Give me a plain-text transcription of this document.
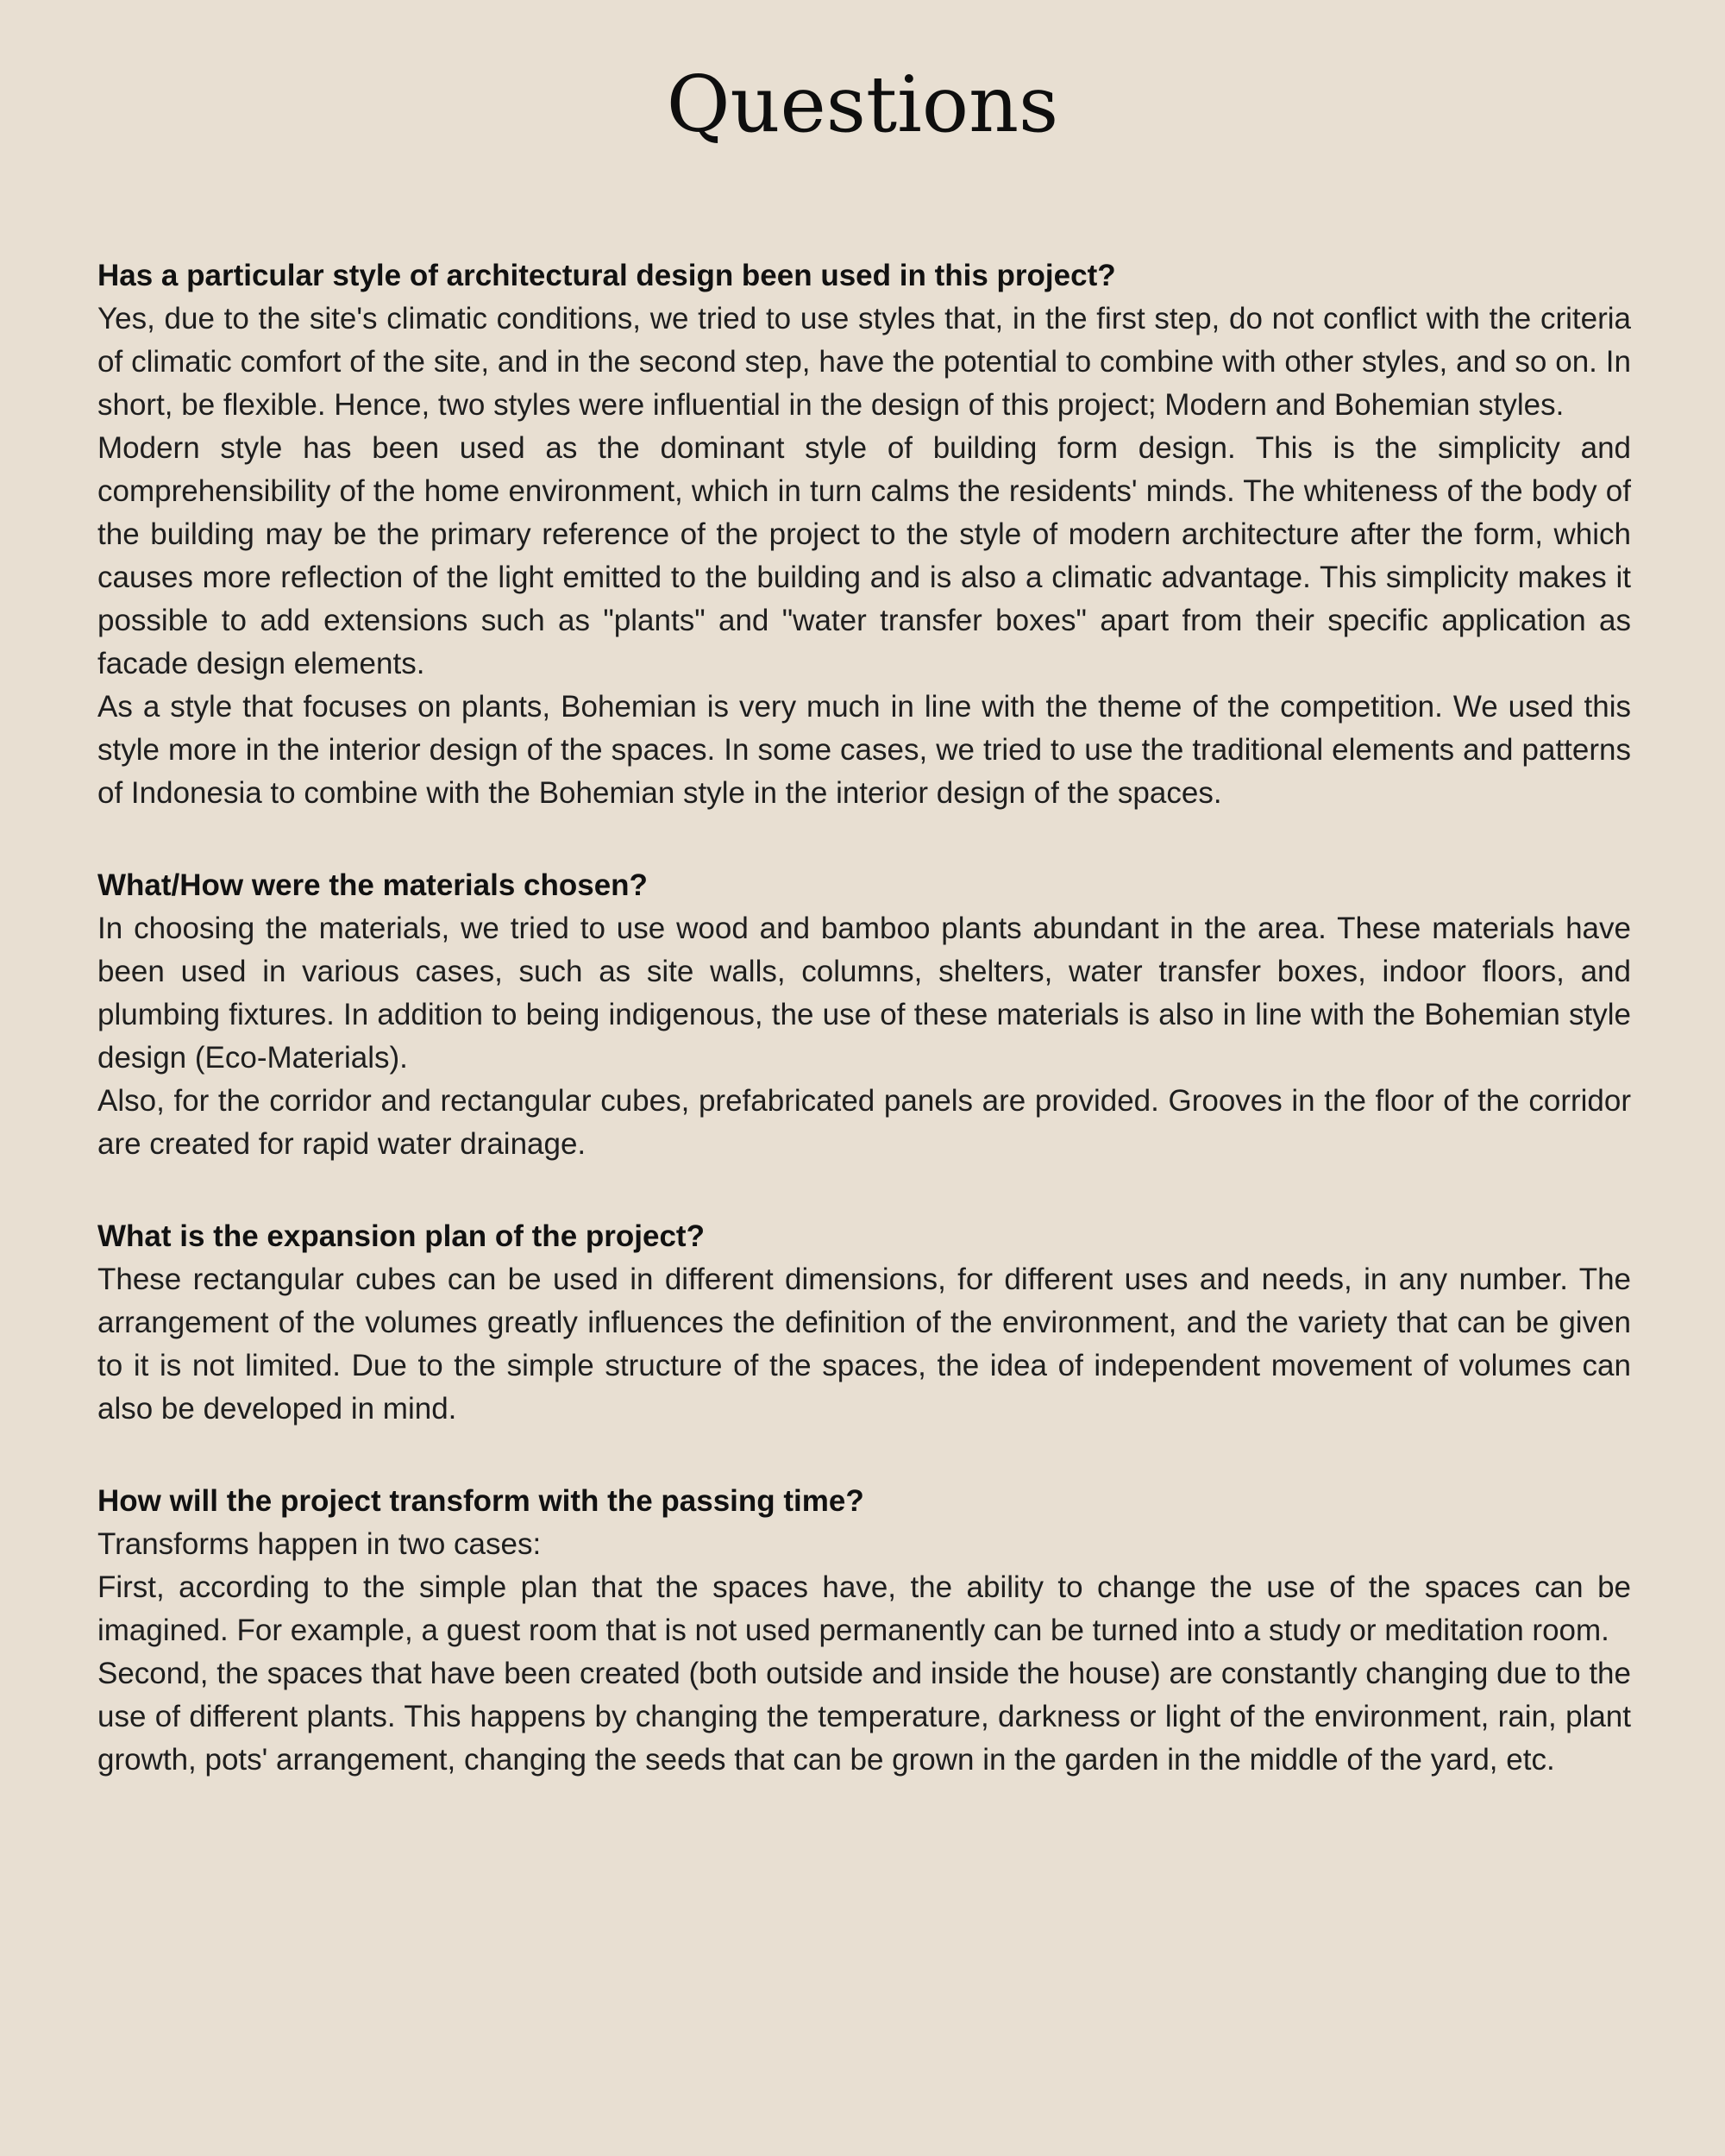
Questions
Has a particular style of architectural design been used in this project?

Yes, due to the site's climatic conditions, we tried to use styles that, in the first step, do not conflict with the criteria of climatic comfort of the site, and in the second step, have the potential to combine with other styles, and so on. In short, be flexible. Hence, two styles were influential in the design of this project; Modern and Bohemian styles.

Modern style has been used as the dominant style of building form design. This is the simplicity and comprehensibility of the home environment, which in turn calms the residents' minds. The whiteness of the body of the building may be the primary reference of the project to the style of modern architecture after the form, which causes more reflection of the light emitted to the building and is also a climatic advantage. This simplicity makes it possible to add extensions such as "plants" and "water transfer boxes" apart from their specific application as facade design elements.

As a style that focuses on plants, Bohemian is very much in line with the theme of the competition. We used this style more in the interior design of the spaces. In some cases, we tried to use the traditional elements and patterns of Indonesia to combine with the Bohemian style in the interior design of the spaces.

What/How were the materials chosen?

In choosing the materials, we tried to use wood and bamboo plants abundant in the area. These materials have been used in various cases, such as site walls, columns, shelters, water transfer boxes, indoor floors, and plumbing fixtures. In addition to being indigenous, the use of these materials is also in line with the Bohemian style design (Eco-Materials).

Also, for the corridor and rectangular cubes, prefabricated panels are provided. Grooves in the floor of the corridor are created for rapid water drainage.

What is the expansion plan of the project?

These rectangular cubes can be used in different dimensions, for different uses and needs, in any number. The arrangement of the volumes greatly influences the definition of the environment, and the variety that can be given to it is not limited. Due to the simple structure of the spaces, the idea of independent movement of volumes can also be developed in mind.

How will the project transform with the passing time?

Transforms happen in two cases:

First, according to the simple plan that the spaces have, the ability to change the use of the spaces can be imagined. For example, a guest room that is not used permanently can be turned into a study or meditation room.

Second, the spaces that have been created (both outside and inside the house) are constantly changing due to the use of different plants. This happens by changing the temperature, darkness or light of the environment, rain, plant growth, pots' arrangement, changing the seeds that can be grown in the garden in the middle of the yard, etc.
